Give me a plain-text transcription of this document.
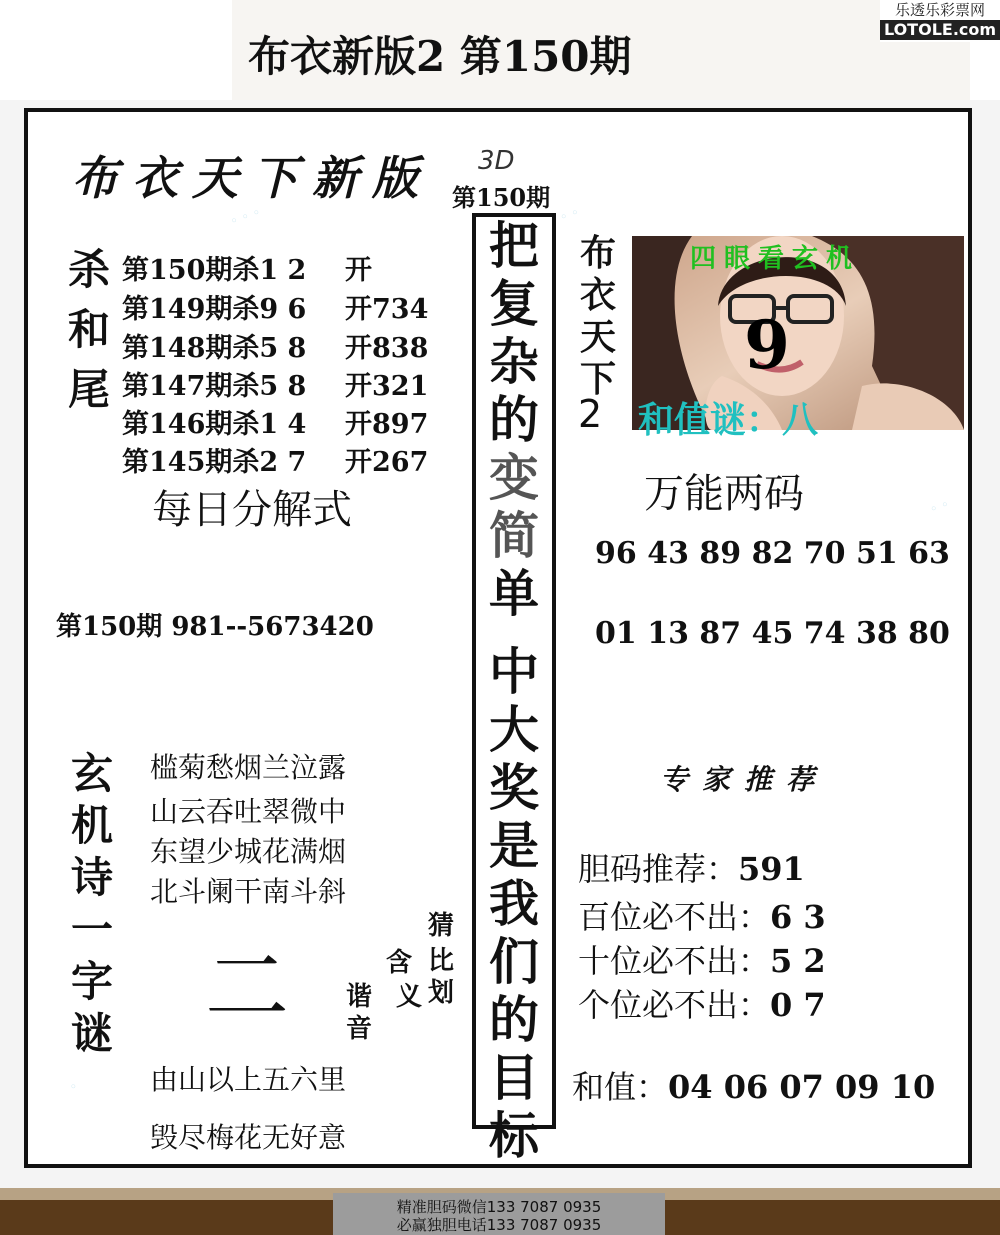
布衣新版2 第150期
乐透乐彩票网
LOTOLE.com
◦ ◦ ◦	◦ ◦
◦ ◦
◦
布衣天下新版 3D
第150期
杀
和
尾

第150期杀1 2 开
第149期杀9 6 开734
第148期杀5 8 开838
第147期杀5 8 开321
第146期杀1 4 开897
第145期杀2 7 开267
每日分解式
第150期 981--5673420
玄
机
诗
一
字
谜

槛菊愁烟兰泣露
山云吞吐翠微中
东望少城花满烟
北斗阑干南斗斜
二
猜
比
划
含
义
谐
音
由山以上五六里
毁尽梅花无好意
把
复
杂
的
变
简
单

中
大
奖
是
我
们
的
目
标

布
衣
天
下

2
四眼看玄机
9
和值谜：八
万能两码
96 43 89 82 70 51 63
01 13 87 45 74 38 80
专家推荐
胆码推荐：591
百位必不出：6 3
十位必不出：5 2
个位必不出：0 7
和值：04 06 07 09 10
精准胆码微信133 7087 0935
必赢独胆电话133 7087 0935
